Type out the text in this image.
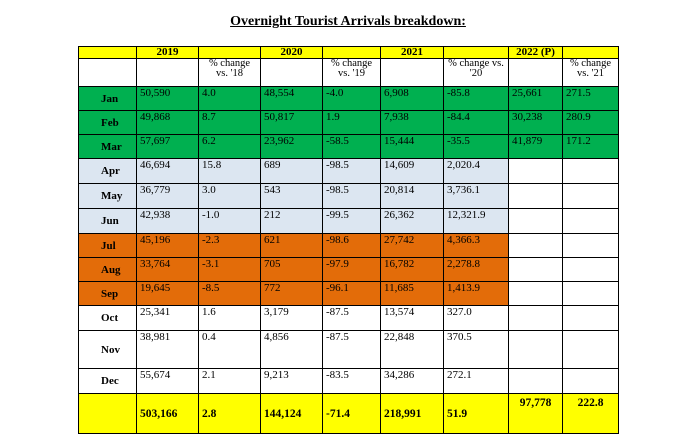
Overnight Tourist Arrivals breakdown:
	2019		2020		2021		2022 (P)	
		% change vs. '18		% change vs. '19		% change vs. '20		% change vs. '21
Jan	50,590	4.0	48,554	-4.0	6,908	-85.8	25,661	271.5
Feb	49,868	8.7	50,817	1.9	7,938	-84.4	30,238	280.9
Mar	57,697	6.2	23,962	-58.5	15,444	-35.5	41,879	171.2
Apr	46,694	15.8	689	-98.5	14,609	2,020.4		
May	36,779	3.0	543	-98.5	20,814	3,736.1		
Jun	42,938	-1.0	212	-99.5	26,362	12,321.9		
Jul	45,196	-2.3	621	-98.6	27,742	4,366.3		
Aug	33,764	-3.1	705	-97.9	16,782	2,278.8		
Sep	19,645	-8.5	772	-96.1	11,685	1,413.9		
Oct	25,341	1.6	3,179	-87.5	13,574	327.0		
Nov	38,981	0.4	4,856	-87.5	22,848	370.5		
Dec	55,674	2.1	9,213	-83.5	34,286	272.1		
	503,166	2.8	144,124	-71.4	218,991	51.9	97,778	222.8
